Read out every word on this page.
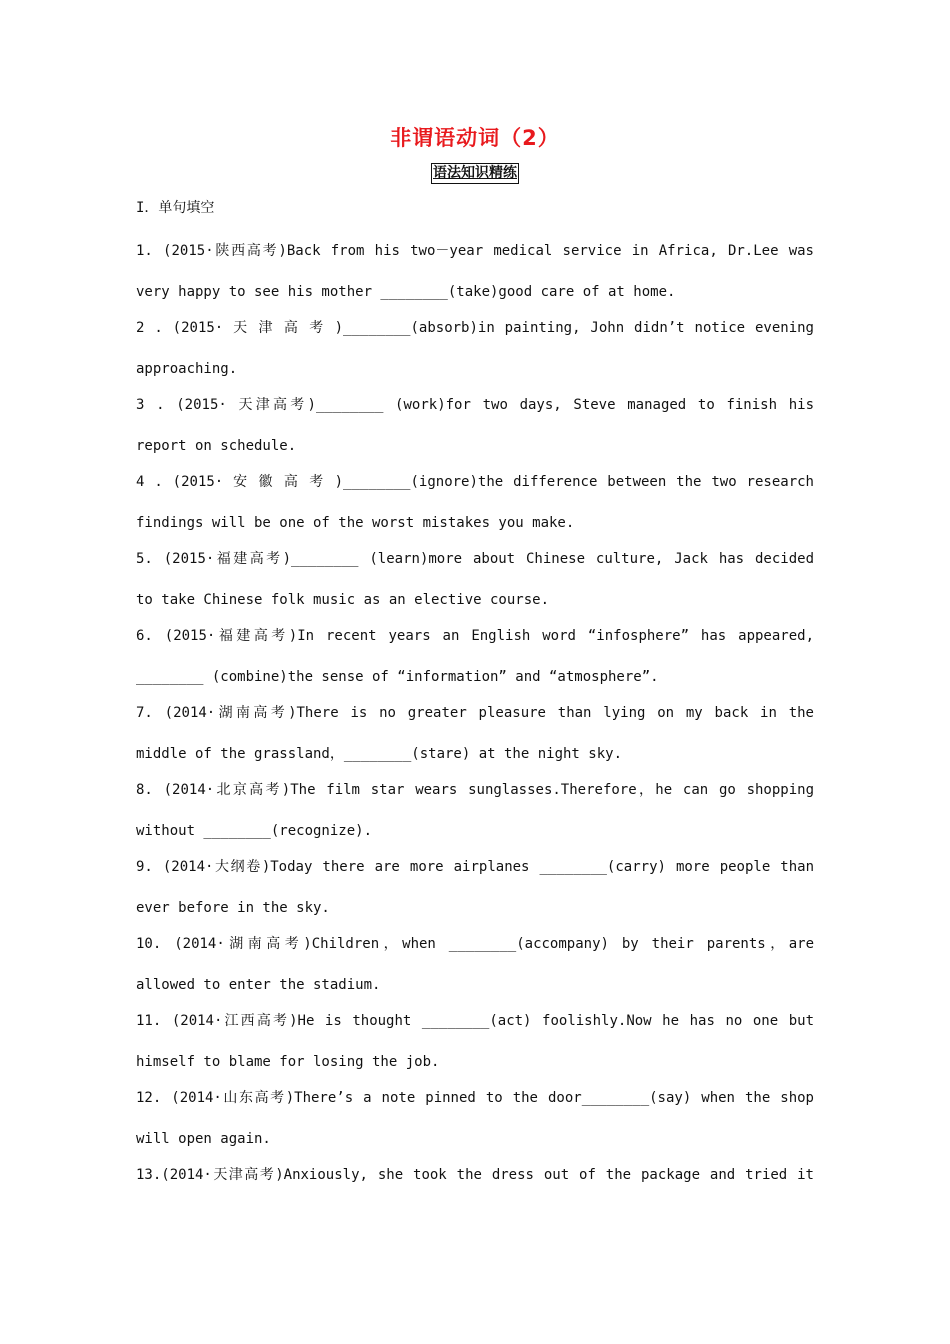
非谓语动词（2）
语法知识精练
I．单句填空
1. (2015·陕西高考)Back from his two－year medical service in Africa, Dr.Lee was
very happy to see his mother ________(take)good care of at home.
2 . (2015· 天 津 高 考 )________(absorb)in painting, John didn’t notice evening
approaching.
3 . (2015· 天津高考)________ (work)for two days, Steve managed to finish his
report on schedule.
4 . (2015· 安 徽 高 考 )________(ignore)the difference between the two research
findings will be one of the worst mistakes you make.
5. (2015·福建高考)________ (learn)more about Chinese culture, Jack has decided
to take Chinese folk music as an elective course.
6. (2015·福建高考)In recent years an English word “infosphere” has appeared,
________ (combine)the sense of “information” and “atmosphere”.
7. (2014·湖南高考)There is no greater pleasure than lying on my back in the
middle of the grassland，________(stare) at the night sky.
8. (2014·北京高考)The film star wears sunglasses.Therefore，he can go shopping
without ________(recognize).
9. (2014·大纲卷)Today there are more airplanes ________(carry) more people than
ever before in the sky.
10. (2014·湖南高考)Children，when ________(accompany) by their parents，are
allowed to enter the stadium.
11. (2014·江西高考)He is thought ________(act) foolishly.Now he has no one but
himself to blame for losing the job.
12. (2014·山东高考)There’s a note pinned to the door________(say) when the shop
will open again.
13.(2014·天津高考)Anxiously, she took the dress out of the package and tried it
